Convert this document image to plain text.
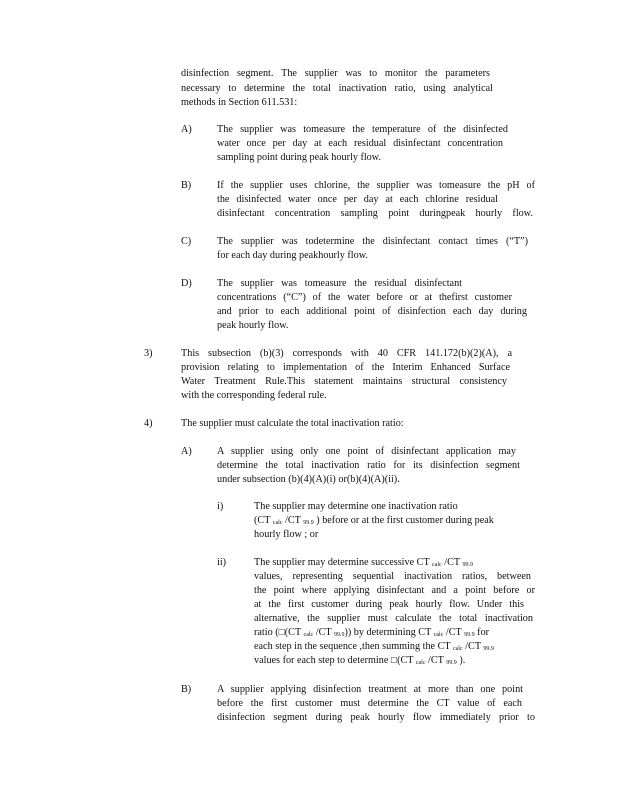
disinfection segment. The supplier was to monitor the parameters
necessary to determine the total inactivation ratio, using analytical
methods in Section 611.531:
A) The supplier was tomeasure the temperature of the disinfected
water once per day at each residual disinfectant concentration
sampling point during peak hourly flow.
B)	If the supplier uses chlorine, the supplier was tomeasure the pH of
the disinfected water once per day at each chlorine residual
disinfectant concentration sampling point duringpeak hourly flow.
C)	The supplier was todetermine the disinfectant contact times (“T”)
for each day during peakhourly flow.
D) The supplier was tomeasure the residual disinfectant
concentrations (“C”) of the water before or at thefirst customer
and prior to each additional point of disinfection each day during
peak hourly flow.
3)	This subsection (b)(3) corresponds with 40 CFR 141.172(b)(2)(A), a
provision relating to implementation of the Interim Enhanced Surface
Water Treatment Rule.This statement maintains structural consistency
with the corresponding federal rule.
4)	The supplier must calculate the total inactivation ratio:
A) A supplier using only one point of disinfectant application may
determine the total inactivation ratio for its disinfection segment
under subsection (b)(4)(A)(i) or(b)(4)(A)(ii).
i)	The supplier may determine one inactivation ratio
(CT calc /CT 99.9 ) before or at the first customer during peak
hourly flow ; or
ii)	The supplier may determine successive CT calc /CT 99.9
values, representing sequential inactivation ratios, between
the point where applying disinfectant and a point before or
at the first customer during peak hourly flow. Under this
alternative, the supplier must calculate the total inactivation
ratio (□(CT calc /CT 99.9)) by determining CT calc /CT 99.9 for
each step in the sequence ,then summing the CT calc /CT 99.9
values for each step to determine □(CT calc /CT 99.9 ).
B)	A supplier applying disinfection treatment at more than one point
before the first customer must determine the CT value of each
disinfection segment during peak hourly flow immediately prior to
